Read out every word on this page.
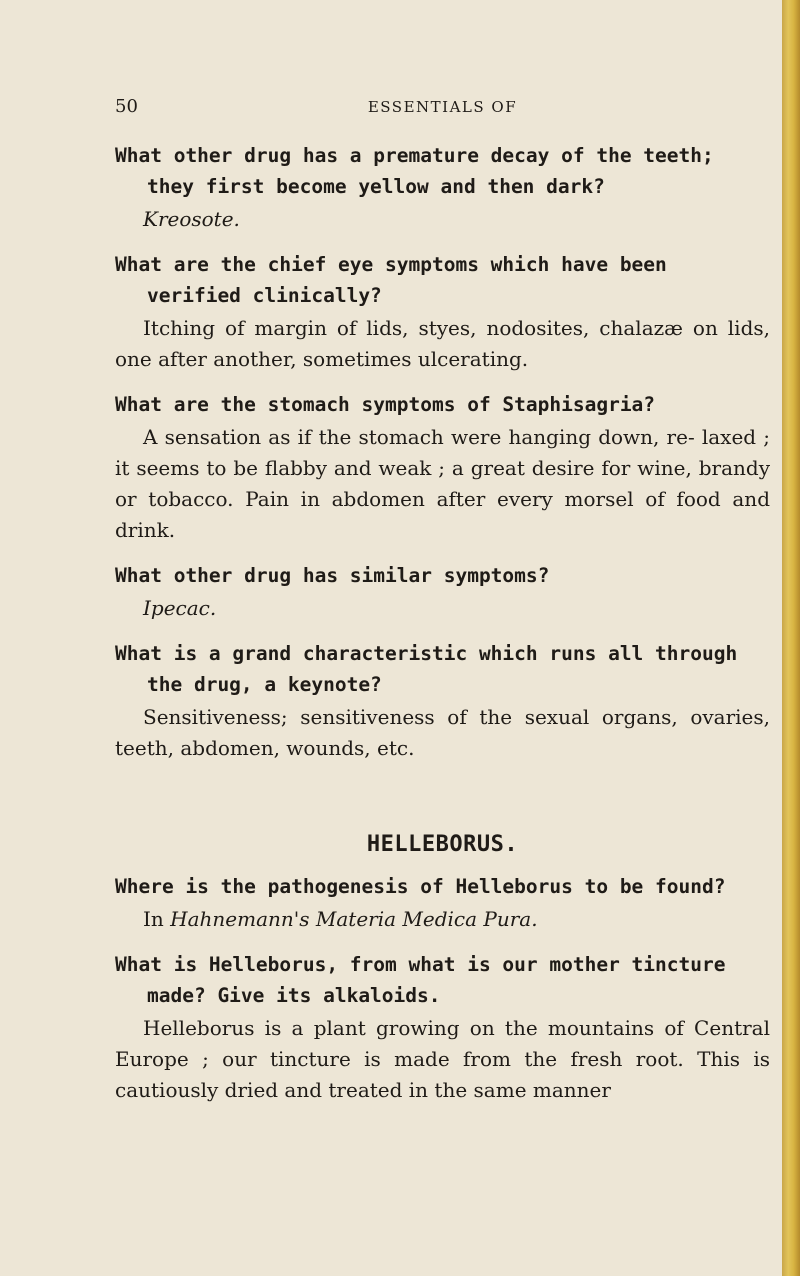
50	ESSENTIALS OF
What other drug has a premature decay of the teeth; they first become yellow and then dark?
Kreosote.
What are the chief eye symptoms which have been verified clinically?
Itching of margin of lids, styes, nodosites, chalazæ on lids, one after another, sometimes ulcerating.
What are the stomach symptoms of Staphisagria?
A sensation as if the stomach were hanging down, re- laxed ; it seems to be flabby and weak ; a great desire for wine, brandy or tobacco. Pain in abdomen after every morsel of food and drink.
What other drug has similar symptoms?
Ipecac.
What is a grand characteristic which runs all through the drug, a keynote?
Sensitiveness; sensitiveness of the sexual organs, ovaries, teeth, abdomen, wounds, etc.
HELLEBORUS.
Where is the pathogenesis of Helleborus to be found?
In Hahnemann's Materia Medica Pura.
What is Helleborus, from what is our mother tincture made? Give its alkaloids.
Helleborus is a plant growing on the mountains of Central Europe ; our tincture is made from the fresh root. This is cautiously dried and treated in the same manner
